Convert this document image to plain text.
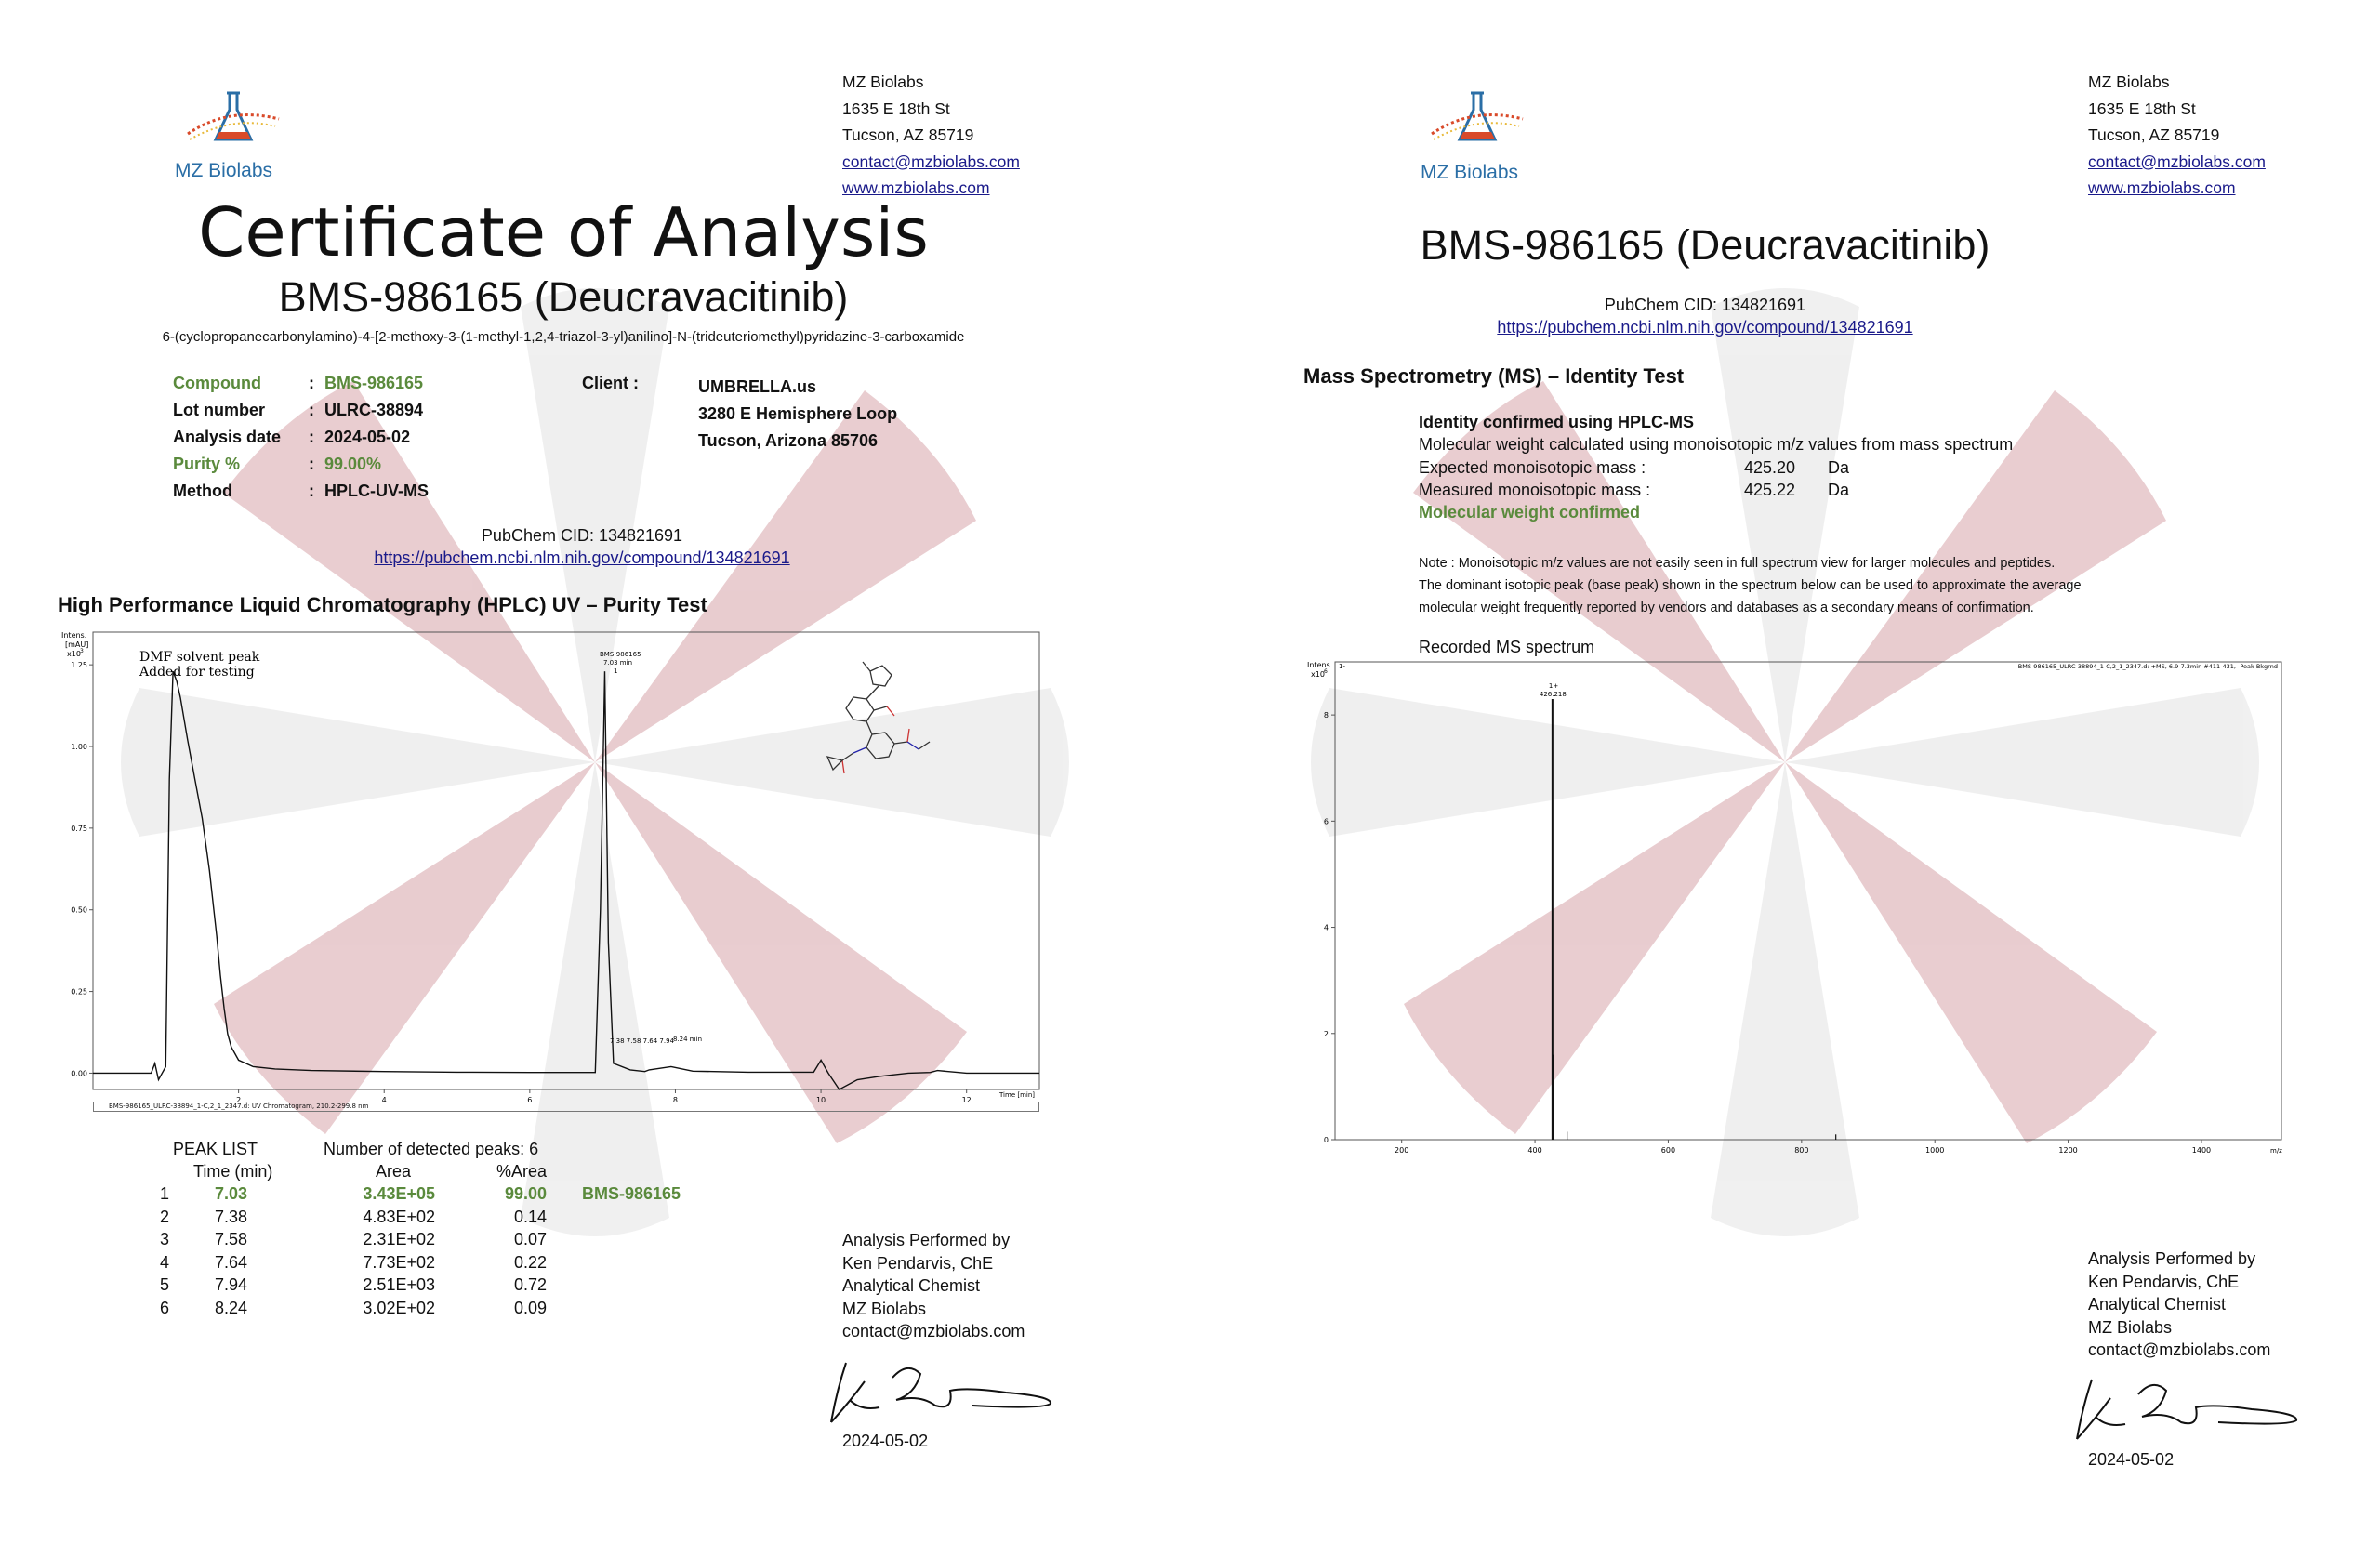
MZ Biolabs
MZ Biolabs
1635 E 18th St
Tucson, AZ 85719
contact@mzbiolabs.com
www.mzbiolabs.com
Certificate of Analysis
BMS-986165 (Deucravacitinib)
6-(cyclopropanecarbonylamino)-4-[2-methoxy-3-(1-methyl-1,2,4-triazol-3-yl)anilino]-N-(trideuteriomethyl)pyridazine-3-carboxamide
Compound	: BMS-986165
Lot number	: ULRC-38894
Analysis date : 2024-05-02
Purity %	: 99.00%
Method	: HPLC-UV-MS
Client :	UMBRELLA.us
3280 E Hemisphere Loop
Tucson, Arizona 85706
PubChem CID: 134821691
https://pubchem.ncbi.nlm.nih.gov/compound/134821691
High Performance Liquid Chromatography (HPLC) UV – Purity Test
Intens.
[mAU]
x10 3
0.00
0.25
0.50
0.75
1.00
1.25
2	4	6	8	10	12
DMF solvent peak
Added for testing
BMS-986165
7.03 min
1
7.38 7.58 7.64 7.94
8.24 min
Time [min]
BMS-986165_ULRC-38894_1-C,2_1_2347.d: UV Chromatogram, 210.2-299.8 nm
PEAK LIST	Number of detected peaks: 6
Time (min)	Area	%Area
1	7.03	3.43E+05	99.00 BMS-986165
2	7.38	4.83E+02	0.14
3	7.58	2.31E+02	0.07
4	7.64	7.73E+02	0.22
5	7.94	2.51E+03	0.72
6	8.24	3.02E+02	0.09
Analysis Performed by
Ken Pendarvis, ChE
Analytical Chemist
MZ Biolabs
contact@mzbiolabs.com
2024-05-02
MZ Biolabs
MZ Biolabs
1635 E 18th St
Tucson, AZ 85719
contact@mzbiolabs.com
www.mzbiolabs.com
BMS-986165 (Deucravacitinib)
PubChem CID: 134821691
https://pubchem.ncbi.nlm.nih.gov/compound/134821691
Mass Spectrometry (MS) – Identity Test
Identity confirmed using HPLC-MS
Molecular weight calculated using monoisotopic m/z values from mass spectrum
Expected monoisotopic mass :	425.20 Da
Measured monoisotopic mass :	425.22 Da
Molecular weight confirmed
Note : Monoisotopic m/z values are not easily seen in full spectrum view for larger molecules and peptides.
The dominant isotopic peak (base peak) shown in the spectrum below can be used to approximate the average
molecular weight frequently reported by vendors and databases as a secondary means of confirmation.
Recorded MS spectrum
Intens.
x10 6
1-	BMS-986165_ULRC-38894_1-C,2_1_2347.d: +MS, 6.9-7.3min #411-431, -Peak Bkgrnd
0
2
4
6
8
200	400	600	800	1000	1200	1400
1+
426.218
m/z
Analysis Performed by
Ken Pendarvis, ChE
Analytical Chemist
MZ Biolabs
contact@mzbiolabs.com
2024-05-02
